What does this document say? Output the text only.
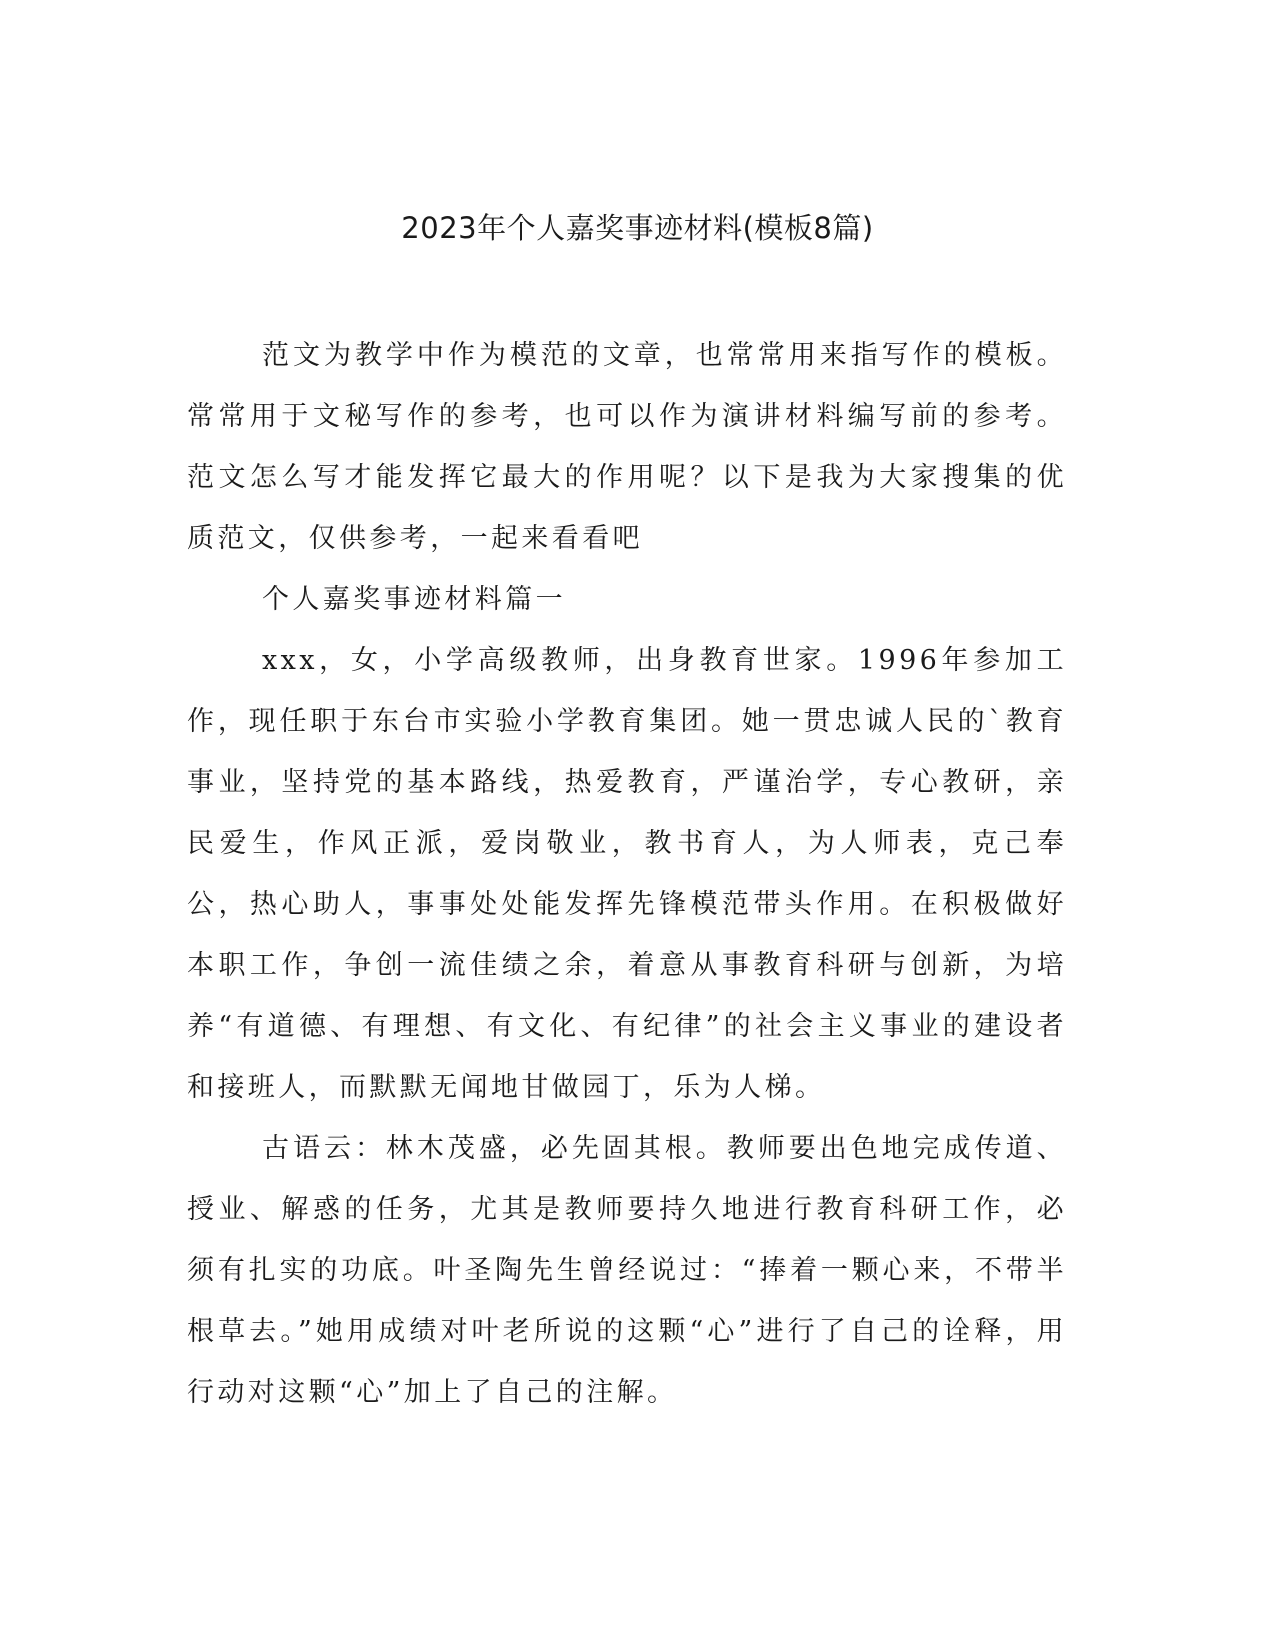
2023年个人嘉奖事迹材料(模板8篇)

范文为教学中作为模范的文章，也常常用来指写作的模板。常常用于文秘写作的参考，也可以作为演讲材料编写前的参考。范文怎么写才能发挥它最大的作用呢？以下是我为大家搜集的优质范文，仅供参考，一起来看看吧

个人嘉奖事迹材料篇一

xxx，女，小学高级教师，出身教育世家。1996年参加工作，现任职于东台市实验小学教育集团。她一贯忠诚人民的`教育事业，坚持党的基本路线，热爱教育，严谨治学，专心教研，亲民爱生，作风正派，爱岗敬业，教书育人，为人师表，克己奉公，热心助人，事事处处能发挥先锋模范带头作用。在积极做好本职工作，争创一流佳绩之余，着意从事教育科研与创新，为培养“有道德、有理想、有文化、有纪律”的社会主义事业的建设者和接班人，而默默无闻地甘做园丁，乐为人梯。

古语云：林木茂盛，必先固其根。教师要出色地完成传道、授业、解惑的任务，尤其是教师要持久地进行教育科研工作，必须有扎实的功底。叶圣陶先生曾经说过：“捧着一颗心来，不带半根草去。”她用成绩对叶老所说的这颗“心”进行了自己的诠释，用行动对这颗“心”加上了自己的注解。
